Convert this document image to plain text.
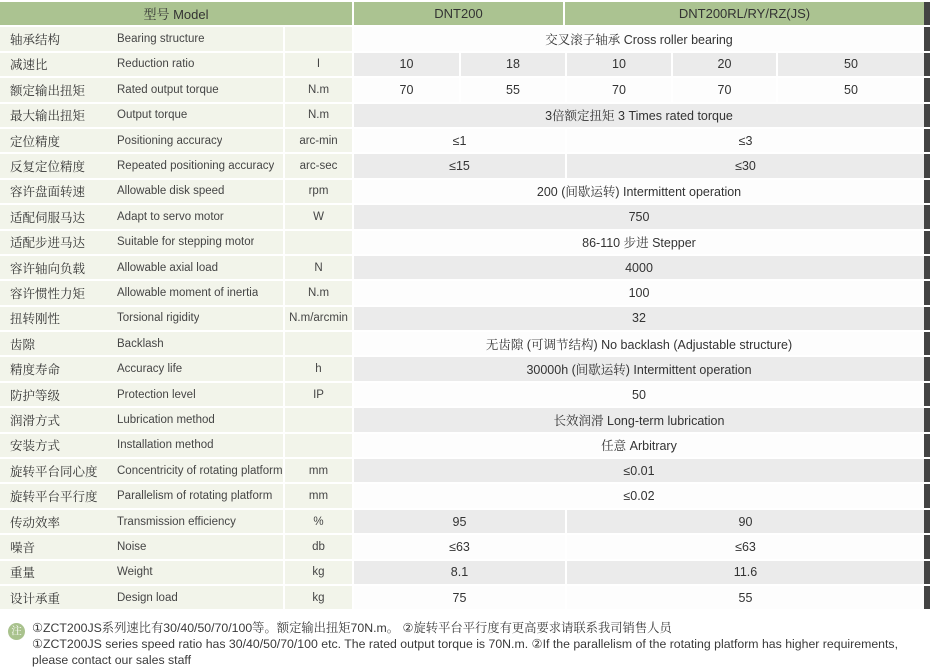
型号 Model	DNT200	DNT200RL/RY/RZ(JS)
轴承结构	Bearing structure	交叉滚子轴承 Cross roller bearing
减速比	Reduction ratio	I	10	18	10	20	50
额定输出扭矩	Rated output torque	N.m	70	55	70	70	50
最大输出扭矩	Output torque	N.m	3倍额定扭矩 3 Times rated torque
定位精度	Positioning accuracy	arc-min	≤1	≤3
反复定位精度	Repeated positioning accuracy	arc-sec	≤15	≤30
容许盘面转速	Allowable disk speed	rpm	200 (间歇运转) Intermittent operation
适配伺服马达	Adapt to servo motor	W	750
适配步进马达	Suitable for stepping motor	86-110 步进 Stepper
容许轴向负载	Allowable axial load	N	4000
容许惯性力矩	Allowable moment of inertia	N.m	100
扭转刚性	Torsional rigidity	N.m/arcmin	32
齿隙	Backlash	无齿隙 (可调节结构) No backlash (Adjustable structure)
精度寿命	Accuracy life	h	30000h (间歇运转) Intermittent operation
防护等级	Protection level	IP	50
润滑方式	Lubrication method	长效润滑 Long-term lubrication
安装方式	Installation method	任意 Arbitrary
旋转平台同心度	Concentricity of rotating platform	mm	≤0.01
旋转平台平行度	Parallelism of rotating platform	mm	≤0.02
传动效率	Transmission efficiency	%	95	90
噪音	Noise	db	≤63	≤63
重量	Weight	kg	8.1	11.6
设计承重	Design load	kg	75	55
注 ①ZCT200JS系列速比有30/40/50/70/100等。额定输出扭矩70N.m。 ②旋转平台平行度有更高要求请联系我司销售人员
①ZCT200JS series speed ratio has 30/40/50/70/100 etc. The rated output torque is 70N.m. ②If the parallelism of the rotating platform has higher requirements,
please contact our sales staff
